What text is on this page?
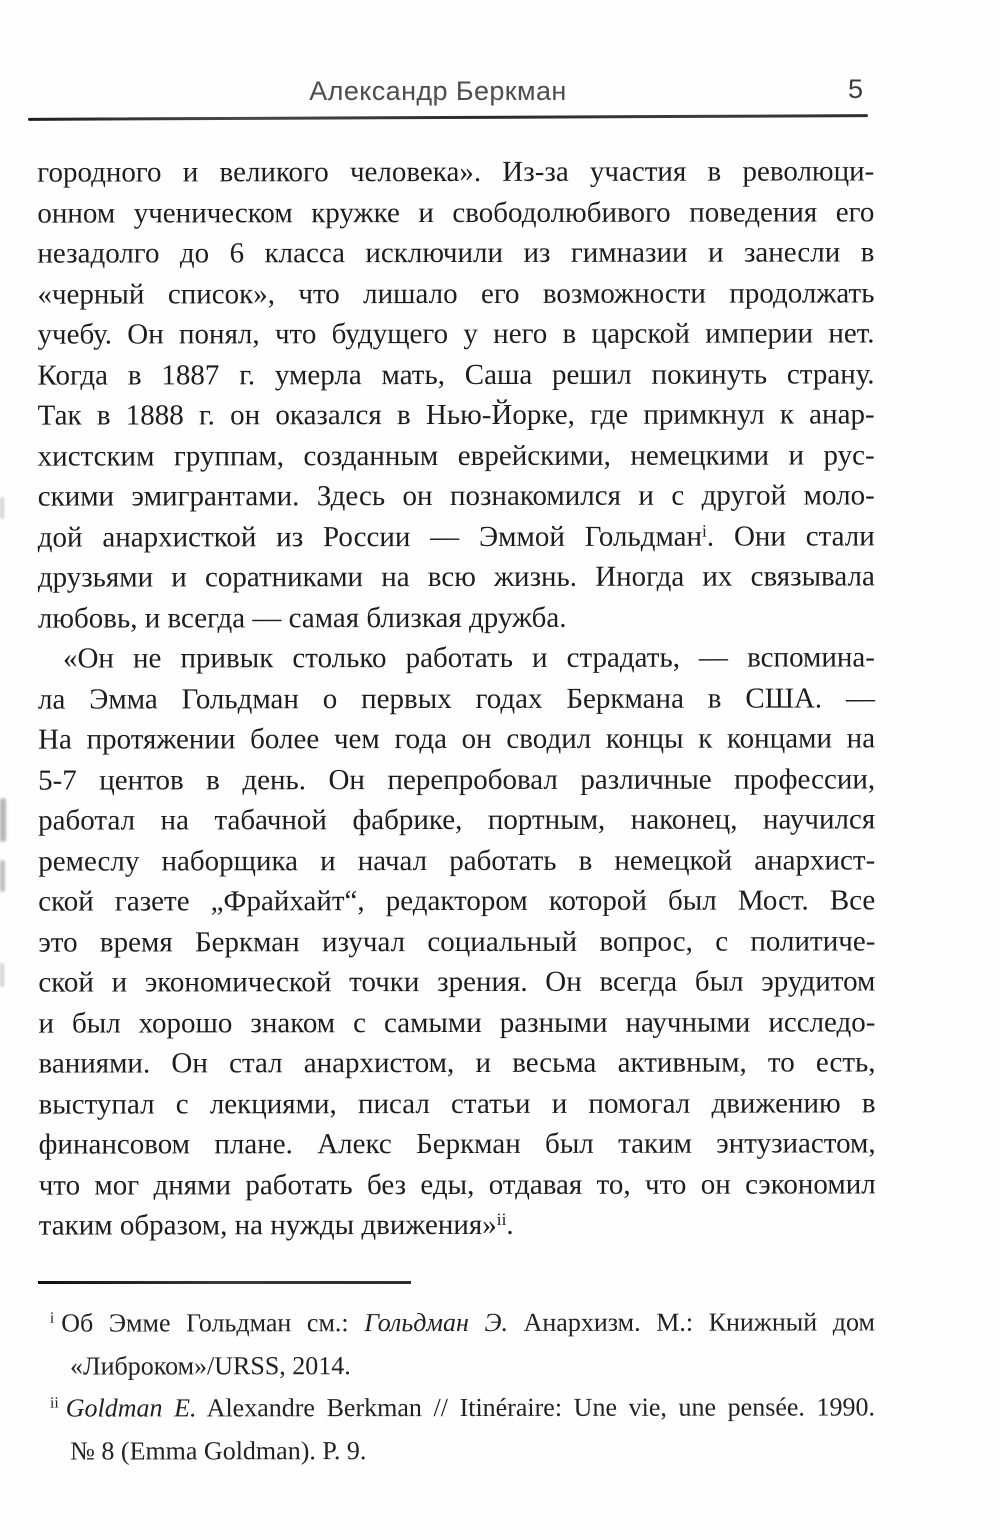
Александр Беркман	5
городного и великого человека». Из-за участия в революци-
онном ученическом кружке и свободолюбивого поведения его
незадолго до 6 класса исключили из гимназии и занесли в
«черный список», что лишало его возможности продолжать
учебу. Он понял, что будущего у него в царской империи нет.
Когда в 1887 г. умерла мать, Саша решил покинуть страну.
Так в 1888 г. он оказался в Нью-Йорке, где примкнул к анар-
хистским группам, созданным еврейскими, немецкими и рус-
скими эмигрантами. Здесь он познакомился и с другой моло-
дой анархисткой из России — Эммой Гольдман$^i$. Они стали
друзьями и соратниками на всю жизнь. Иногда их связывала
любовь, и всегда — самая близкая дружба.
«Он не привык столько работать и страдать, — вспомина-
ла Эмма Гольдман о первых годах Беркмана в США. —
На протяжении более чем года он сводил концы к концами на
5-7 центов в день. Он перепробовал различные профессии,
работал на табачной фабрике, портным, наконец, научился
ремеслу наборщика и начал работать в немецкой анархист-
ской газете „Фрайхайт“, редактором которой был Мост. Все
это время Беркман изучал социальный вопрос, с политиче-
ской и экономической точки зрения. Он всегда был эрудитом
и был хорошо знаком с самыми разными научными исследо-
ваниями. Он стал анархистом, и весьма активным, то есть,
выступал с лекциями, писал статьи и помогал движению в
финансовом плане. Алекс Беркман был таким энтузиастом,
что мог днями работать без еды, отдавая то, что он сэкономил
таким образом, на нужды движения»$^{ii}$.
$^i$ Об Эмме Гольдман см.: Гольдман Э. Анархизм. М.: Книжный дом
«Либроком»/URSS, 2014.
$^{ii}$ Goldman E. Alexandre Berkman // Itinéraire: Une vie, une pensée. 1990.
№ 8 (Emma Goldman). P. 9.
